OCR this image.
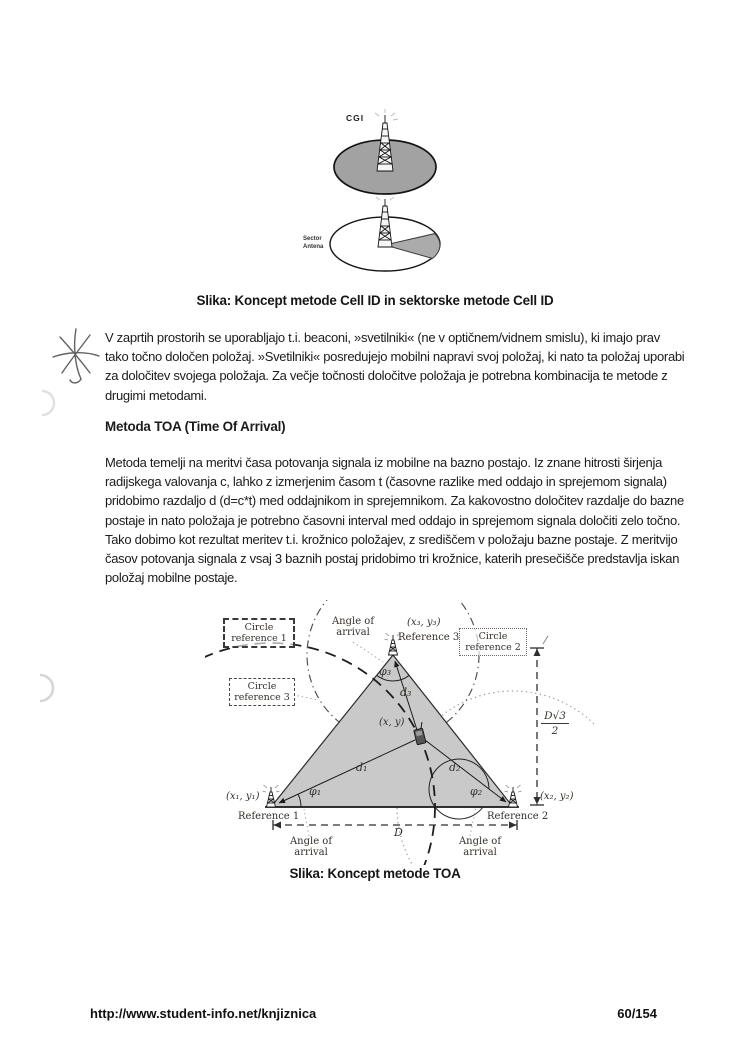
CGI
Sector
Antena
Slika: Koncept metode Cell ID in sektorske metode Cell ID
V zaprtih prostorih se uporabljajo t.i. beaconi, »svetilniki« (ne v optičnem/vidnem smislu), ki imajo prav tako točno določen položaj. »Svetilniki« posredujejo mobilni napravi svoj položaj, ki nato ta položaj uporabi za določitev svojega položaja. Za večje točnosti določitve položaja je potrebna kombinacija te metode z drugimi metodami.
Metoda TOA (Time Of Arrival)
Metoda temelji na meritvi časa potovanja signala iz mobilne na bazno postajo. Iz znane hitrosti širjenja radijskega valovanja c, lahko z izmerjenim časom t (časovne razlike med oddajo in sprejemom signala) pridobimo razdaljo d (d=c*t) med oddajnikom in sprejemnikom. Za kakovostno določitev razdalje do bazne postaje in nato položaja je potrebno časovni interval med oddajo in sprejemom signala določiti zelo točno. Tako dobimo kot rezultat meritev t.i. krožnico položajev, z središčem v položaju bazne postaje. Z meritvijo časov potovanja signala z vsaj 3 baznih postaj pridobimo tri krožnice, katerih presečišče predstavlja iskan položaj mobilne postaje.
Circle reference 1	Circle reference 2
Circle reference 3
Angle of arrival
Angle of arrival
Angle of arrival
(x₃, y₃)
Reference 3
(x₁, y₁)
Reference 1
(x₂, y₂)
Reference 2
(x, y)
d₁	d₂
d₃
φ₁	φ₂
φ₃
D
$\frac{D√3}{2}$
Slika: Koncept metode TOA
http://www.student-info.net/knjiznica	60/154
